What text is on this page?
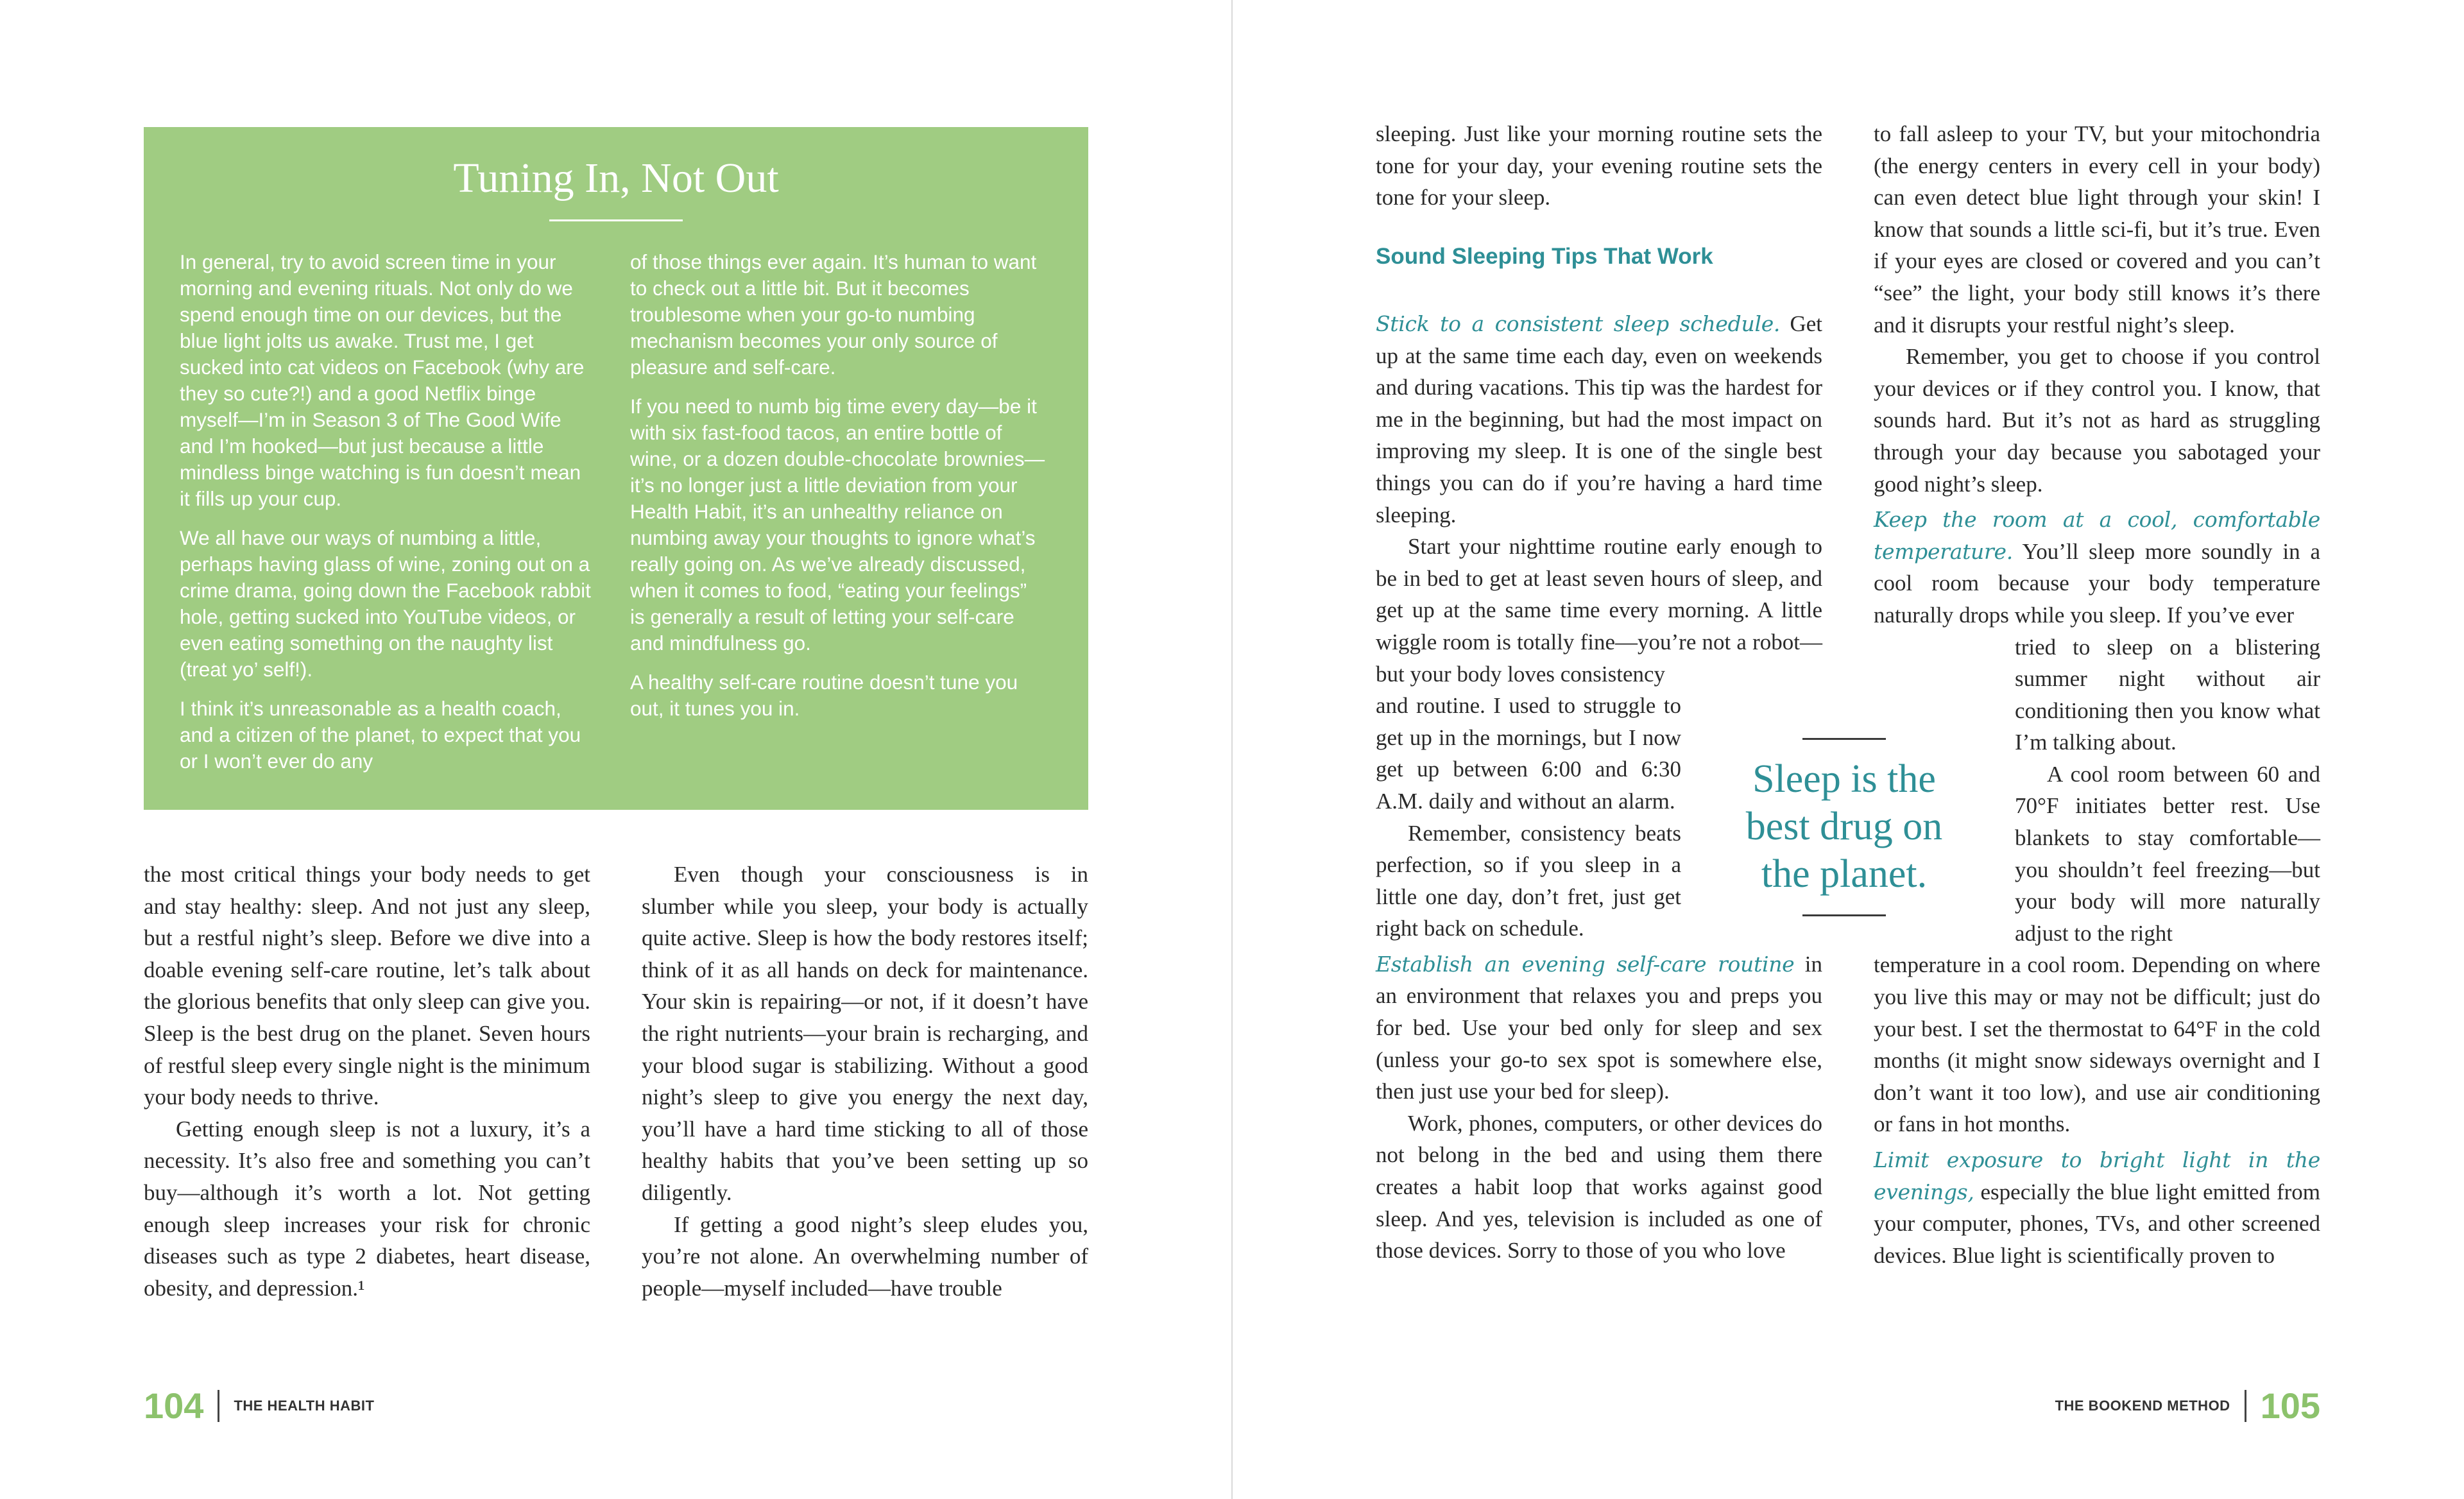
Tuning In, Not Out

In general, try to avoid screen time in your morning and evening rituals. Not only do we spend enough time on our devices, but the blue light jolts us awake. Trust me, I get sucked into cat videos on Facebook (why are they so cute?!) and a good Netflix binge myself—I’m in Season 3 of The Good Wife and I’m hooked—but just because a little mindless binge watching is fun doesn’t mean it fills up your cup.

We all have our ways of numbing a little, perhaps having glass of wine, zoning out on a crime drama, going down the Facebook rabbit hole, getting sucked into YouTube videos, or even eating something on the naughty list (treat yo’ self!).

I think it’s unreasonable as a health coach, and a citizen of the planet, to expect that you or I won’t ever do any

of those things ever again. It’s human to want to check out a little bit. But it becomes troublesome when your go-to numbing mechanism becomes your only source of pleasure and self-care.

If you need to numb big time every day—be it with six fast-food tacos, an entire bottle of wine, or a dozen double-chocolate brownies—it’s no longer just a little deviation from your Health Habit, it’s an unhealthy reliance on numbing away your thoughts to ignore what’s really going on. As we’ve already discussed, when it comes to food, “eating your feelings” is generally a result of letting your self-care and mindfulness go.

A healthy self-care routine doesn’t tune you out, it tunes you in.

the most critical things your body needs to get and stay healthy: sleep. And not just any sleep, but a restful night’s sleep. Before we dive into a doable evening self-care routine, let’s talk about the glorious benefits that only sleep can give you. Sleep is the best drug on the planet. Seven hours of restful sleep every single night is the minimum your body needs to thrive.

Getting enough sleep is not a luxury, it’s a necessity. It’s also free and something you can’t buy—although it’s worth a lot. Not getting enough sleep increases your risk for chronic diseases such as type 2 diabetes, heart disease, obesity, and depression.¹

Even though your consciousness is in slumber while you sleep, your body is actually quite active. Sleep is how the body restores itself; think of it as all hands on deck for maintenance. Your skin is repairing—or not, if it doesn’t have the right nutrients—your brain is recharging, and your blood sugar is stabilizing. Without a good night’s sleep to give you energy the next day, you’ll have a hard time sticking to all of those healthy habits that you’ve been setting up so diligently.

If getting a good night’s sleep eludes you, you’re not alone. An overwhelming number of people—myself included—have trouble

104 THE HEALTH HABIT

sleeping. Just like your morning routine sets the tone for your day, your evening routine sets the tone for your sleep.

Sound Sleeping Tips That Work

Stick to a consistent sleep schedule. Get up at the same time each day, even on weekends and during vacations. This tip was the hardest for me in the beginning, but had the most impact on improving my sleep. It is one of the single best things you can do if you’re having a hard time sleeping.

Start your nighttime routine early enough to be in bed to get at least seven hours of sleep, and get up at the same time every morning. A little wiggle room is totally fine—you’re not a robot—but your body loves consistency

and routine. I used to struggle to get up in the mornings, but I now get up between 6:00 and 6:30 A.M. daily and without an alarm.

Remember, consistency beats perfection, so if you sleep in a little one day, don’t fret, just get right back on schedule.

Establish an evening self-care routine in an environment that relaxes you and preps you for bed. Use your bed only for sleep and sex (unless your go-to sex spot is somewhere else, then just use your bed for sleep).

Work, phones, computers, or other devices do not belong in the bed and using them there creates a habit loop that works against good sleep. And yes, television is included as one of those devices. Sorry to those of you who love

Sleep is the best drug on the planet.

to fall asleep to your TV, but your mitochondria (the energy centers in every cell in your body) can even detect blue light through your skin! I know that sounds a little sci-fi, but it’s true. Even if your eyes are closed or covered and you can’t “see” the light, your body still knows it’s there and it disrupts your restful night’s sleep.

Remember, you get to choose if you control your devices or if they control you. I know, that sounds hard. But it’s not as hard as struggling through your day because you sabotaged your good night’s sleep.

Keep the room at a cool, comfortable temperature. You’ll sleep more soundly in a cool room because your body temperature naturally drops while you sleep. If you’ve ever

tried to sleep on a blistering summer night without air conditioning then you know what I’m talking about.

A cool room between 60 and 70°F initiates better rest. Use blankets to stay comfortable—you shouldn’t feel freezing—but your body will more naturally adjust to the right

temperature in a cool room. Depending on where you live this may or may not be difficult; just do your best. I set the thermostat to 64°F in the cold months (it might snow sideways overnight and I don’t want it too low), and use air conditioning or fans in hot months.

Limit exposure to bright light in the evenings, especially the blue light emitted from your computer, phones, TVs, and other screened devices. Blue light is scientifically proven to

THE BOOKEND METHOD 105
